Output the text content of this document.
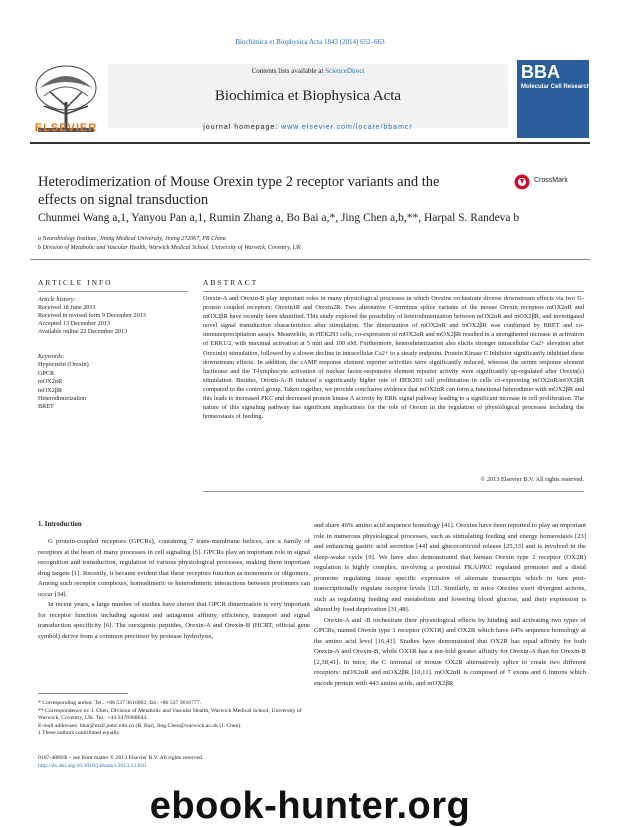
Biochimica et Biophysica Acta 1843 (2014) 652–663
Contents lists available at ScienceDirect
Biochimica et Biophysica Acta
journal homepage: www.elsevier.com/locate/bbamcr
ELSEVIER
BBA
Molecular Cell Research
Heterodimerization of Mouse Orexin type 2 receptor variants and the effects on signal transduction
CrossMark
Chunmei Wang a,1, Yanyou Pan a,1, Rumin Zhang a, Bo Bai a,*, Jing Chen a,b,**, Harpal S. Randeva b
a Neurobiology Institute, Jining Medical University, Jining 272067, PR China
b Division of Metabolic and Vascular Health, Warwick Medical School, University of Warwick, Coventry, UK
ARTICLE INFO
Article history:
Received 18 June 2013
Received in revised form 9 December 2013
Accepted 13 December 2013
Available online 22 December 2013
Keywords:
Hypocretin (Orexin)
GPCR
mOX2αR
mOX2βR
Heterodimerization
BRET
ABSTRACT
Orexin-A and Orexin-B play important roles in many physiological processes in which Orexins orchestrate diverse downstream effects via two G-protein coupled receptors: Orexin1R and Orexin2R. Two alternative C-terminus splice variants of the mouse Orexin receptors mOX2αR and mOX2βR have recently been identified. This study explored the possibility of heterodimerization between mOX2αR and mOX2βR, and investigated novel signal transduction characteristics after stimulation. The dimerization of mOX2αR and mOX2βR was confirmed by BRET and co-immunoprecipitation assays. Meanwhile, in HEK293 cells, co-expression of mOX2αR and mOX2βR resulted in a strengthened increase in activation of ERK1/2, with maximal activation at 5 min and 100 nM. Furthermore, heterodimerization also elicits stronger intracellular Ca2+ elevation after Orexin(s) stimulation, followed by a slower decline in intracellular Ca2+ to a steady endpoint. Protein Kinase C Inhibitor significantly inhibited these downstream effects. In addition, the cAMP response element reporter activities were significantly reduced, whereas the serum response element luciferase and the T-lymphocyte activation of nuclear factor-responsive element reporter activity were significantly up-regulated after Orexin(s) stimulation. Besides, Orexin-A/-B induced a significantly higher rate of HEK293 cell proliferation in cells co-expressing mOX2αR/mOX2βR compared to the control group. Taken together, we provide conclusive evidence that mOX2αR can form a functional heterodimer with mOX2βR and this leads to increased PKC and decreased protein kinase A activity by ERK signal pathway leading to a significant increase in cell proliferation. The nature of this signaling pathway has significant implications for the role of Orexin in the regulation of physiological processes including the homeostasis of feeding.
© 2013 Elsevier B.V. All rights reserved.
1. Introduction

G protein-coupled receptors (GPCRs), containing 7 trans-membrane helices, are a family of receptors at the heart of many processes in cell signaling [5]. GPCRs play an important role in signal recognition and transduction, regulation of various physiological processes, making them important drug targets [1]. Recently, it became evident that these receptors function as monomers or oligomers. Among such receptor complexes, homodimeric or heterodimeric interactions between protomers can occur [34].

In recent years, a large number of studies have shown that GPCR dimerization is very important for receptor function including agonist and antagonist affinity, efficiency, transport and signal transduction specificity [6]. The orexigenic peptides, Orexin-A and Orexin-B (HCRT, official gene symbol) derive from a common precursor by protease hydrolysis,

and share 46% amino acid sequence homology [41]. Orexins have been reported to play an important role in numerous physiological processes, such as stimulating feeding and energy homeostasis [23] and enhancing gastric acid secretion [44] and glucocorticoid release [25,33] and is involved in the sleep–wake cycle [9]. We have also demonstrated that human Orexin type 2 receptor (OX2R) regulation is highly complex, involving a proximal PKA/PKC regulated promoter and a distal promoter regulating tissue specific expression of alternate transcripts which in turn post-transcriptionally regulate receptor levels [12]. Similarly, in mice Orexins exert divergent actions, such as regulating feeding and metabolism and lowering blood glucose, and their expression is altered by food deprivation [31,48].

Orexin-A and -B orchestrate their physiological effects by binding and activating two types of GPCRs, named Orexin type 1 receptor (OX1R) and OX2R which have 64% sequence homology at the amino acid level [16,41]. Studies have demonstrated that OX2R has equal affinity for both Orexin-A and Orexin-B, while OX1R has a ten-fold greater affinity for Orexin-A than for Orexin-B [2,38,41]. In mice, the C terminal of mouse OX2R alternatively splice to create two different receptors: mOX2αR and mOX2βR [10,11]. mOX2αR is composed of 7 exons and 6 introns which encode protein with 443 amino acids, and mOX2βR

* Corresponding author. Tel.: +86 537 3616002; fax: +86 537 3616777.
** Correspondence to: J. Chen, Division of Metabolic and Vascular Health, Warwick Medical School, University of Warwick, Coventry, UK. Tel.: +44 2476968643.
E-mail addresses: bbai@mail.jnmc.edu.cn (B. Bai), Jing.Chen@warwick.ac.uk (J. Chen).
1 These authors contributed equally.
0167-4889/$ – see front matter © 2013 Elsevier B.V. All rights reserved.
http://dx.doi.org/10.1016/j.bbamcr.2013.12.010
ebook-hunter.org
